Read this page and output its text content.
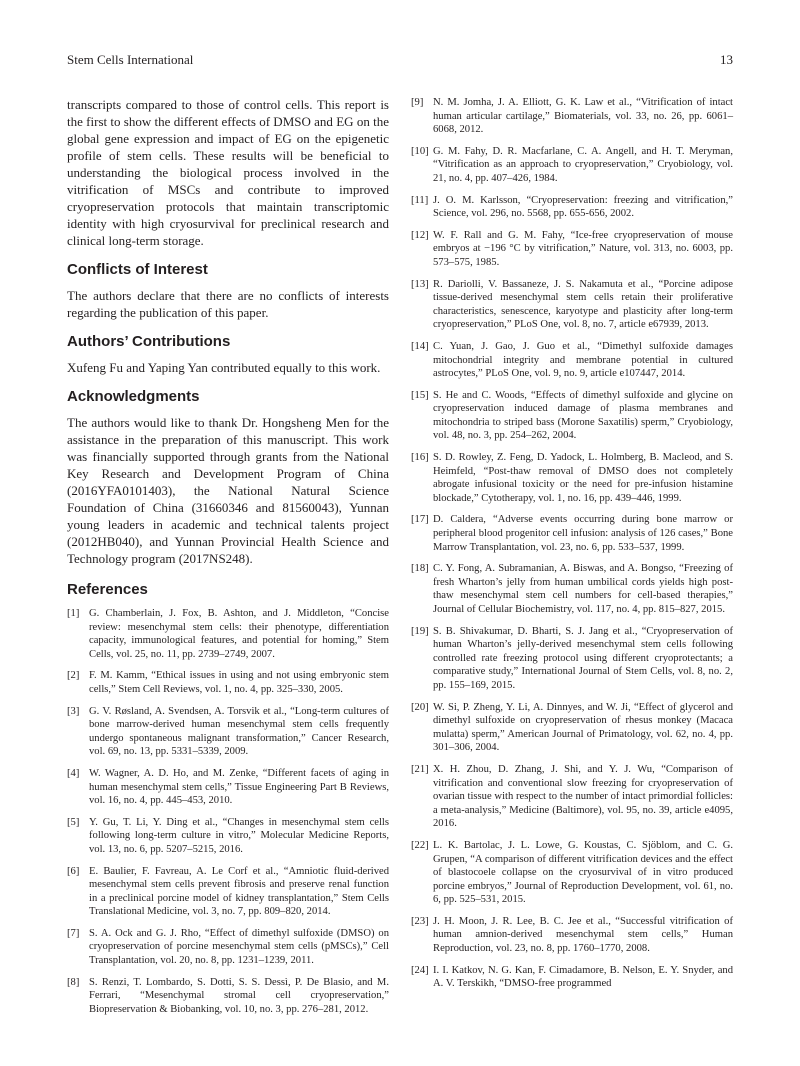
Stem Cells International	13

transcripts compared to those of control cells. This report is the first to show the different effects of DMSO and EG on the global gene expression and impact of EG on the epigenetic profile of stem cells. These results will be beneficial to understanding the biological process involved in the vitrification of MSCs and contribute to improved cryopreservation protocols that maintain transcriptomic identity with high cryosurvival for preclinical research and clinical long-term storage.

Conflicts of Interest

The authors declare that there are no conflicts of interests regarding the publication of this paper.

Authors’ Contributions

Xufeng Fu and Yaping Yan contributed equally to this work.

Acknowledgments

The authors would like to thank Dr. Hongsheng Men for the assistance in the preparation of this manuscript. This work was financially supported through grants from the National Key Research and Development Program of China (2016YFA0101403), the National Natural Science Foundation of China (31660346 and 81560043), Yunnan young leaders in academic and technical talents project (2012HB040), and Yunnan Provincial Health Science and Technology program (2017NS248).

References
[1] G. Chamberlain, J. Fox, B. Ashton, and J. Middleton, “Concise review: mesenchymal stem cells: their phenotype, differentiation capacity, immunological features, and potential for homing,” Stem Cells, vol. 25, no. 11, pp. 2739–2749, 2007.
[2] F. M. Kamm, “Ethical issues in using and not using embryonic stem cells,” Stem Cell Reviews, vol. 1, no. 4, pp. 325–330, 2005.
[3] G. V. Røsland, A. Svendsen, A. Torsvik et al., “Long-term cultures of bone marrow-derived human mesenchymal stem cells frequently undergo spontaneous malignant transformation,” Cancer Research, vol. 69, no. 13, pp. 5331–5339, 2009.
[4] W. Wagner, A. D. Ho, and M. Zenke, “Different facets of aging in human mesenchymal stem cells,” Tissue Engineering Part B Reviews, vol. 16, no. 4, pp. 445–453, 2010.
[5] Y. Gu, T. Li, Y. Ding et al., “Changes in mesenchymal stem cells following long-term culture in vitro,” Molecular Medicine Reports, vol. 13, no. 6, pp. 5207–5215, 2016.
[6] E. Baulier, F. Favreau, A. Le Corf et al., “Amniotic fluid-derived mesenchymal stem cells prevent fibrosis and preserve renal function in a preclinical porcine model of kidney transplantation,” Stem Cells Translational Medicine, vol. 3, no. 7, pp. 809–820, 2014.
[7] S. A. Ock and G. J. Rho, “Effect of dimethyl sulfoxide (DMSO) on cryopreservation of porcine mesenchymal stem cells (pMSCs),” Cell Transplantation, vol. 20, no. 8, pp. 1231–1239, 2011.
[8] S. Renzi, T. Lombardo, S. Dotti, S. S. Dessì, P. De Blasio, and M. Ferrari, “Mesenchymal stromal cell cryopreservation,” Biopreservation & Biobanking, vol. 10, no. 3, pp. 276–281, 2012.
[9] N. M. Jomha, J. A. Elliott, G. K. Law et al., “Vitrification of intact human articular cartilage,” Biomaterials, vol. 33, no. 26, pp. 6061–6068, 2012.
[10] G. M. Fahy, D. R. Macfarlane, C. A. Angell, and H. T. Meryman, “Vitrification as an approach to cryopreservation,” Cryobiology, vol. 21, no. 4, pp. 407–426, 1984.
[11] J. O. M. Karlsson, “Cryopreservation: freezing and vitrification,” Science, vol. 296, no. 5568, pp. 655-656, 2002.
[12] W. F. Rall and G. M. Fahy, “Ice-free cryopreservation of mouse embryos at −196 °C by vitrification,” Nature, vol. 313, no. 6003, pp. 573–575, 1985.
[13] R. Dariolli, V. Bassaneze, J. S. Nakamuta et al., “Porcine adipose tissue-derived mesenchymal stem cells retain their proliferative characteristics, senescence, karyotype and plasticity after long-term cryopreservation,” PLoS One, vol. 8, no. 7, article e67939, 2013.
[14] C. Yuan, J. Gao, J. Guo et al., “Dimethyl sulfoxide damages mitochondrial integrity and membrane potential in cultured astrocytes,” PLoS One, vol. 9, no. 9, article e107447, 2014.
[15] S. He and C. Woods, “Effects of dimethyl sulfoxide and glycine on cryopreservation induced damage of plasma membranes and mitochondria to striped bass (Morone Saxatilis) sperm,” Cryobiology, vol. 48, no. 3, pp. 254–262, 2004.
[16] S. D. Rowley, Z. Feng, D. Yadock, L. Holmberg, B. Macleod, and S. Heimfeld, “Post-thaw removal of DMSO does not completely abrogate infusional toxicity or the need for pre-infusion histamine blockade,” Cytotherapy, vol. 1, no. 16, pp. 439–446, 1999.
[17] D. Caldera, “Adverse events occurring during bone marrow or peripheral blood progenitor cell infusion: analysis of 126 cases,” Bone Marrow Transplantation, vol. 23, no. 6, pp. 533–537, 1999.
[18] C. Y. Fong, A. Subramanian, A. Biswas, and A. Bongso, “Freezing of fresh Wharton’s jelly from human umbilical cords yields high post-thaw mesenchymal stem cell numbers for cell-based therapies,” Journal of Cellular Biochemistry, vol. 117, no. 4, pp. 815–827, 2015.
[19] S. B. Shivakumar, D. Bharti, S. J. Jang et al., “Cryopreservation of human Wharton’s jelly-derived mesenchymal stem cells following controlled rate freezing protocol using different cryoprotectants; a comparative study,” International Journal of Stem Cells, vol. 8, no. 2, pp. 155–169, 2015.
[20] W. Si, P. Zheng, Y. Li, A. Dinnyes, and W. Ji, “Effect of glycerol and dimethyl sulfoxide on cryopreservation of rhesus monkey (Macaca mulatta) sperm,” American Journal of Primatology, vol. 62, no. 4, pp. 301–306, 2004.
[21] X. H. Zhou, D. Zhang, J. Shi, and Y. J. Wu, “Comparison of vitrification and conventional slow freezing for cryopreservation of ovarian tissue with respect to the number of intact primordial follicles: a meta-analysis,” Medicine (Baltimore), vol. 95, no. 39, article e4095, 2016.
[22] L. K. Bartolac, J. L. Lowe, G. Koustas, C. Sjöblom, and C. G. Grupen, “A comparison of different vitrification devices and the effect of blastocoele collapse on the cryosurvival of in vitro produced porcine embryos,” Journal of Reproduction Development, vol. 61, no. 6, pp. 525–531, 2015.
[23] J. H. Moon, J. R. Lee, B. C. Jee et al., “Successful vitrification of human amnion-derived mesenchymal stem cells,” Human Reproduction, vol. 23, no. 8, pp. 1760–1770, 2008.
[24] I. I. Katkov, N. G. Kan, F. Cimadamore, B. Nelson, E. Y. Snyder, and A. V. Terskikh, “DMSO-free programmed
